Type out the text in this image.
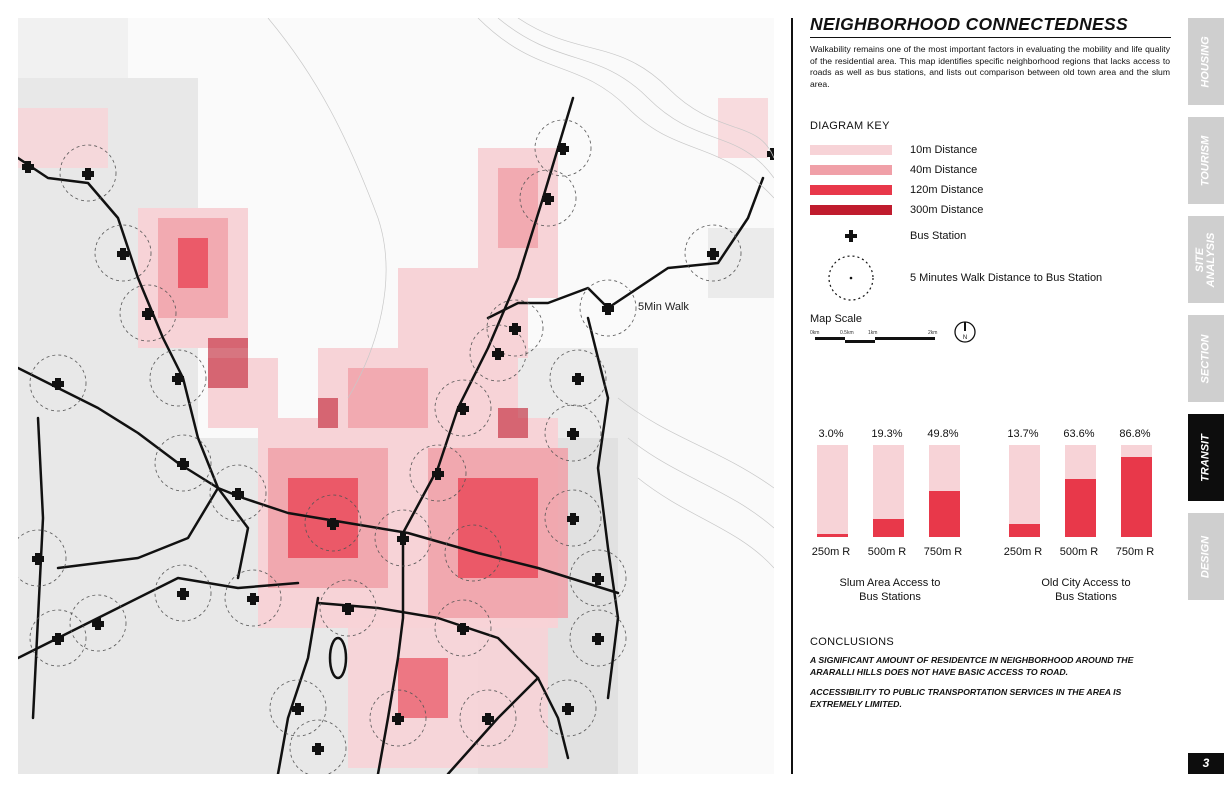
5Min Walk
NEIGHBORHOOD CONNECTEDNESS

Walkability remains one of the most important factors in evaluating the mobility and life quality of the residential area. This map identifies specific neighborhood regions that lacks access to roads as well as bus stations, and lists out comparison between old town area and the slum area.

DIAGRAM KEY
10m Distance
40m Distance
120m Distance
300m Distance
Bus Station
5 Minutes Walk Distance to Bus Station
Map Scale
0km	0.5km	1km	2km
N
3.0%	19.3%	49.8%
250m R	500m R	750m R
Slum Area Access to
Bus Stations
13.7%	63.6%	86.8%
250m R	500m R	750m R
Old City Access to
Bus Stations
CONCLUSIONS
A SIGNIFICANT AMOUNT OF RESIDENTCE IN NEIGHBORHOOD AROUND THE ARARALLI HILLS DOES NOT HAVE BASIC ACCESS TO ROAD.
ACCESSIBILITY TO PUBLIC TRANSPORTATION SERVICES IN THE AREA IS EXTREMELY LIMITED.
HOUSING
TOURISM
SITE ANALYSIS
SECTION
TRANSIT
DESIGN
3
